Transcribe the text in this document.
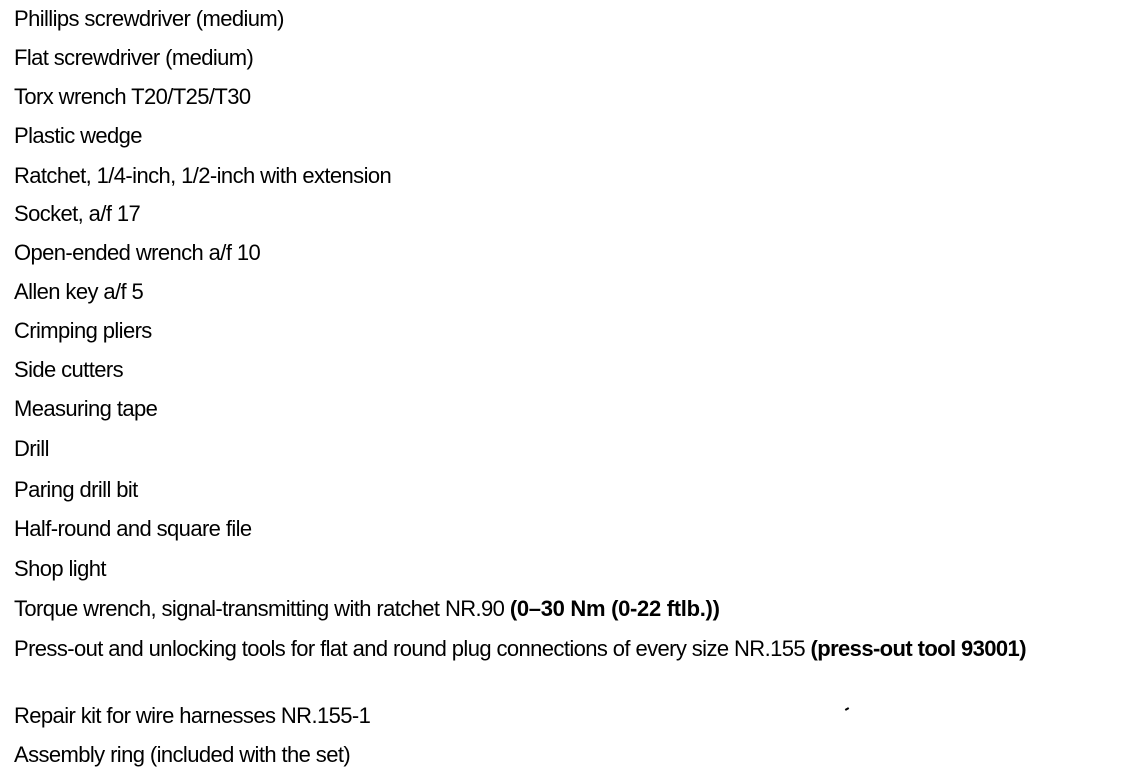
Phillips screwdriver (medium)
Flat screwdriver (medium)
Torx wrench T20/T25/T30
Plastic wedge
Ratchet, 1/4-inch, 1/2-inch with extension
Socket, a/f 17
Open-ended wrench a/f 10
Allen key a/f 5
Crimping pliers
Side cutters
Measuring tape
Drill
Paring drill bit
Half-round and square file
Shop light
Torque wrench, signal-transmitting with ratchet NR.90 (0–30 Nm (0-22 ftlb.))
Press-out and unlocking tools for flat and round plug connections of every size NR.155 (press-out tool 93001)
Repair kit for wire harnesses NR.155-1
Assembly ring (included with the set)
